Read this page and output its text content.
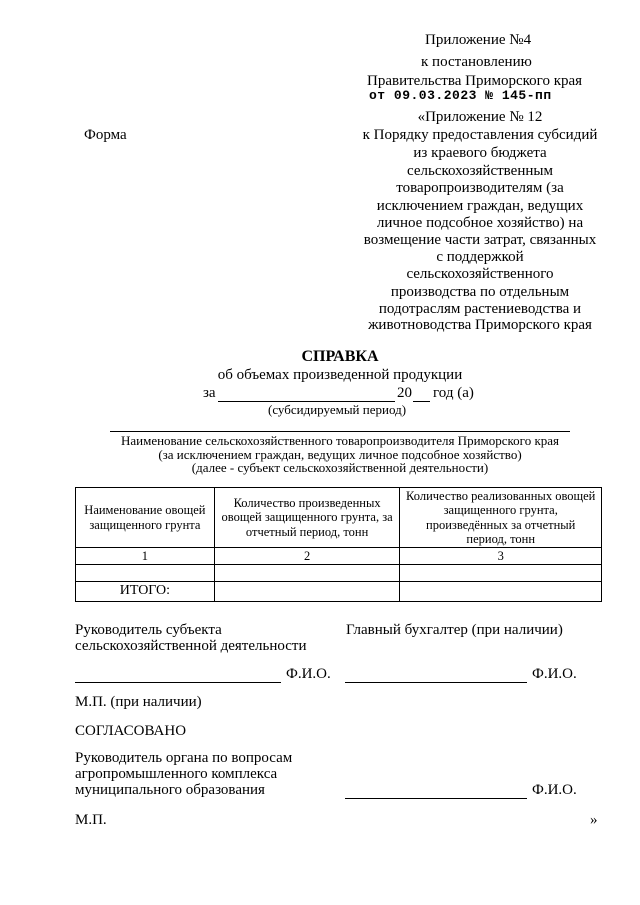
Приложение №4
к постановлению
Правительства Приморского края
от 09.03.2023 № 145-пп
Форма
«Приложение № 12
к Порядку предоставления субсидий
из краевого бюджета
сельскохозяйственным
товаропроизводителям (за
исключением граждан, ведущих
личное подсобное хозяйство) на
возмещение части затрат, связанных
с поддержкой
сельскохозяйственного
производства по отдельным
подотраслям растениеводства и
животноводства Приморского края
СПРАВКА
об объемах произведенной продукции
за	20 год (а)
(субсидируемый период)
Наименование сельскохозяйственного товаропроизводителя Приморского края
(за исключением граждан, ведущих личное подсобное хозяйство)
(далее - субъект сельскохозяйственной деятельности)
Наименование овощей защищенного грунта	Количество произведенных овощей защищенного грунта, за отчетный период, тонн	Количество реализованных овощей защищенного грунта, произведённых за отчетный период, тонн
1	2	3

ИТОГО:		
Руководитель субъекта
сельскохозяйственной деятельности
Главный бухгалтер (при наличии)
Ф.И.О.	Ф.И.О.
М.П. (при наличии)
СОГЛАСОВАНО
Руководитель органа по вопросам
агропромышленного комплекса
муниципального образования	Ф.И.О.
М.П.	»
